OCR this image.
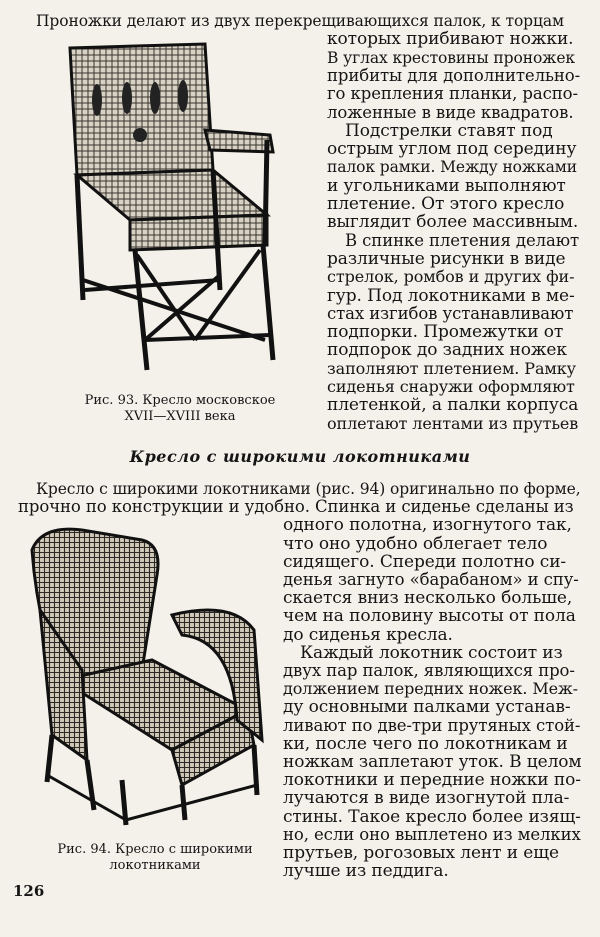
Рис. 93. Кресло московское
XVII—XVIII века
Проножки делают из двух перекрещивающихся палок, к торцам
которых прибивают ножки.
В углах крестовины проножек
прибиты для дополнительно-
го крепления планки, распо-
ложенные в виде квадратов.
Подстрелки ставят под
острым углом под середину
палок рамки. Между ножками
и угольниками выполняют
плетение. От этого кресло
выглядит более массивным.
В спинке плетения делают
различные рисунки в виде
стрелок, ромбов и других фи-
гур. Под локотниками в ме-
стах изгибов устанавливают
подпорки. Промежутки от
подпорок до задних ножек
заполняют плетением. Рамку
сиденья снаружи оформляют
плетенкой, а палки корпуса
оплетают лентами из прутьев
Кресло с широкими локотниками
Рис. 94. Кресло с широкими
локотниками
Кресло с широкими локотниками (рис. 94) оригинально по форме,
прочно по конструкции и удобно. Спинка и сиденье сделаны из
одного полотна, изогнутого так,
что оно удобно облегает тело
сидящего. Спереди полотно си-
денья загнуто «барабаном» и спу-
скается вниз несколько больше,
чем на половину высоты от пола
до сиденья кресла.
Каждый локотник состоит из
двух пар палок, являющихся про-
должением передних ножек. Меж-
ду основными палками устанав-
ливают по две-три прутяных стой-
ки, после чего по локотникам и
ножкам заплетают уток. В целом
локотники и передние ножки по-
лучаются в виде изогнутой пла-
стины. Такое кресло более изящ-
но, если оно выплетено из мелких
прутьев, рогозовых лент и еще
лучше из педдига.
126
